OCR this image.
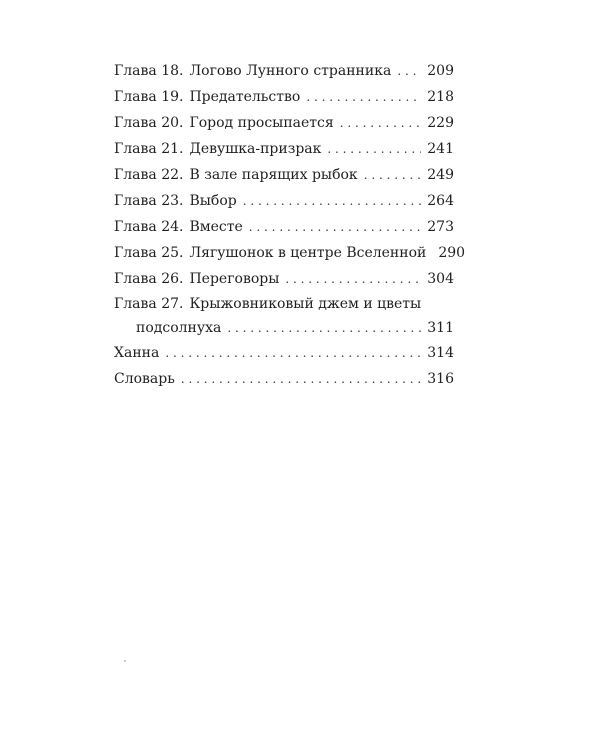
Глава 18. Логово Лунного странника . . .	209
Глава 19. Предательство . . .	218
Глава 20. Город просыпается . . .	229
Глава 21. Девушка-призрак . . .	241
Глава 22. В зале парящих рыбок . . .	249
Глава 23. Выбор . . .	264
Глава 24. Вместе . . .	273
Глава 25. Лягушонок в центре Вселенной 290
Глава 26. Переговоры . . .	304
Глава 27. Крыжовниковый джем и цветы
подсолнуха . . .	311
Ханна . . .	314
Словарь . . .	316
